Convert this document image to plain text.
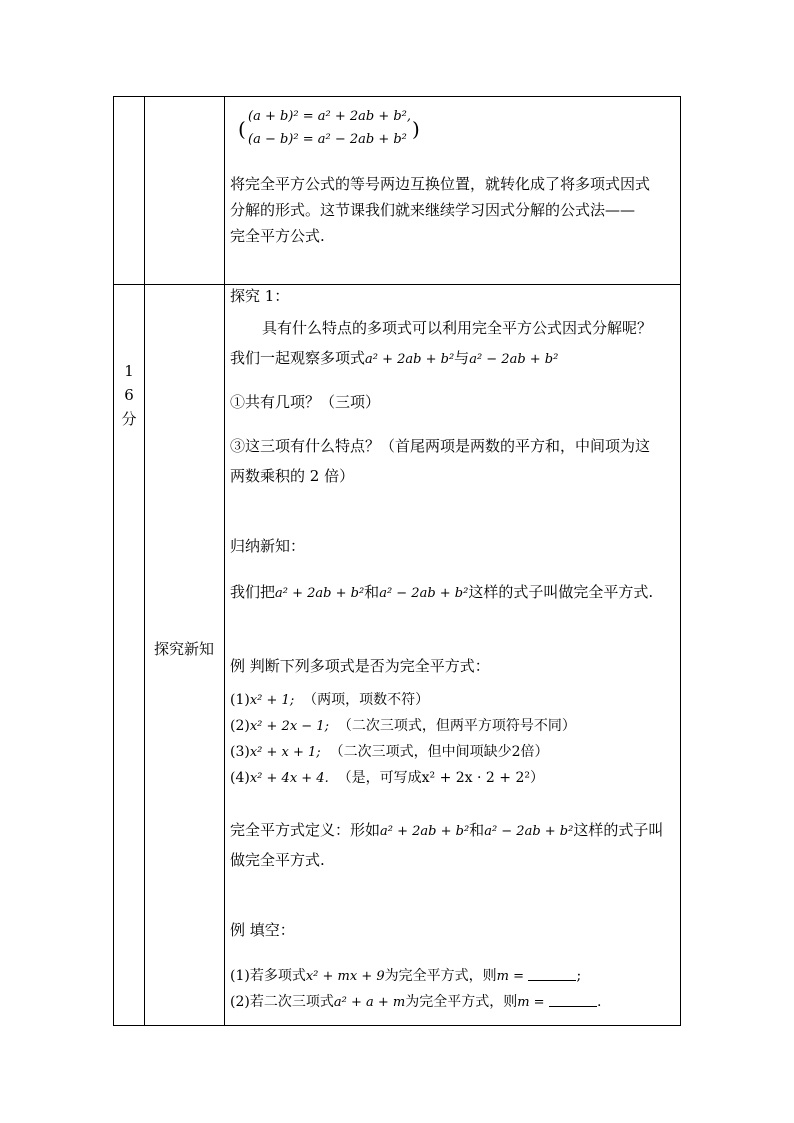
(
(a + b)² = a² + 2ab + b²,
(a − b)² = a² − 2ab + b² )
将完全平方公式的等号两边互换位置，就转化成了将多项式因式
分解的形式。这节课我们就来继续学习因式分解的公式法——
完全平方公式.
1
6
分
探究新知
探究 1：
具有什么特点的多项式可以利用完全平方公式因式分解呢？
我们一起观察多项式a² + 2ab + b²与a² − 2ab + b²
①共有几项？（三项）
③这三项有什么特点？（首尾两项是两数的平方和，中间项为这
两数乘积的 2 倍）
归纳新知：
我们把a² + 2ab + b²和a² − 2ab + b²这样的式子叫做完全平方式.
例 判断下列多项式是否为完全平方式：
(1)x² + 1; （两项，项数不符）
(2)x² + 2x − 1; （二次三项式，但两平方项符号不同）
(3)x² + x + 1; （二次三项式，但中间项缺少2倍）
(4)x² + 4x + 4. （是，可写成x² + 2x · 2 + 2²）
完全平方式定义：形如a² + 2ab + b²和a² − 2ab + b²这样的式子叫
做完全平方式.
例 填空：
(1)若多项式x² + mx + 9为完全平方式，则m =	;
(2)若二次三项式a² + a + m为完全平方式，则m =	.
